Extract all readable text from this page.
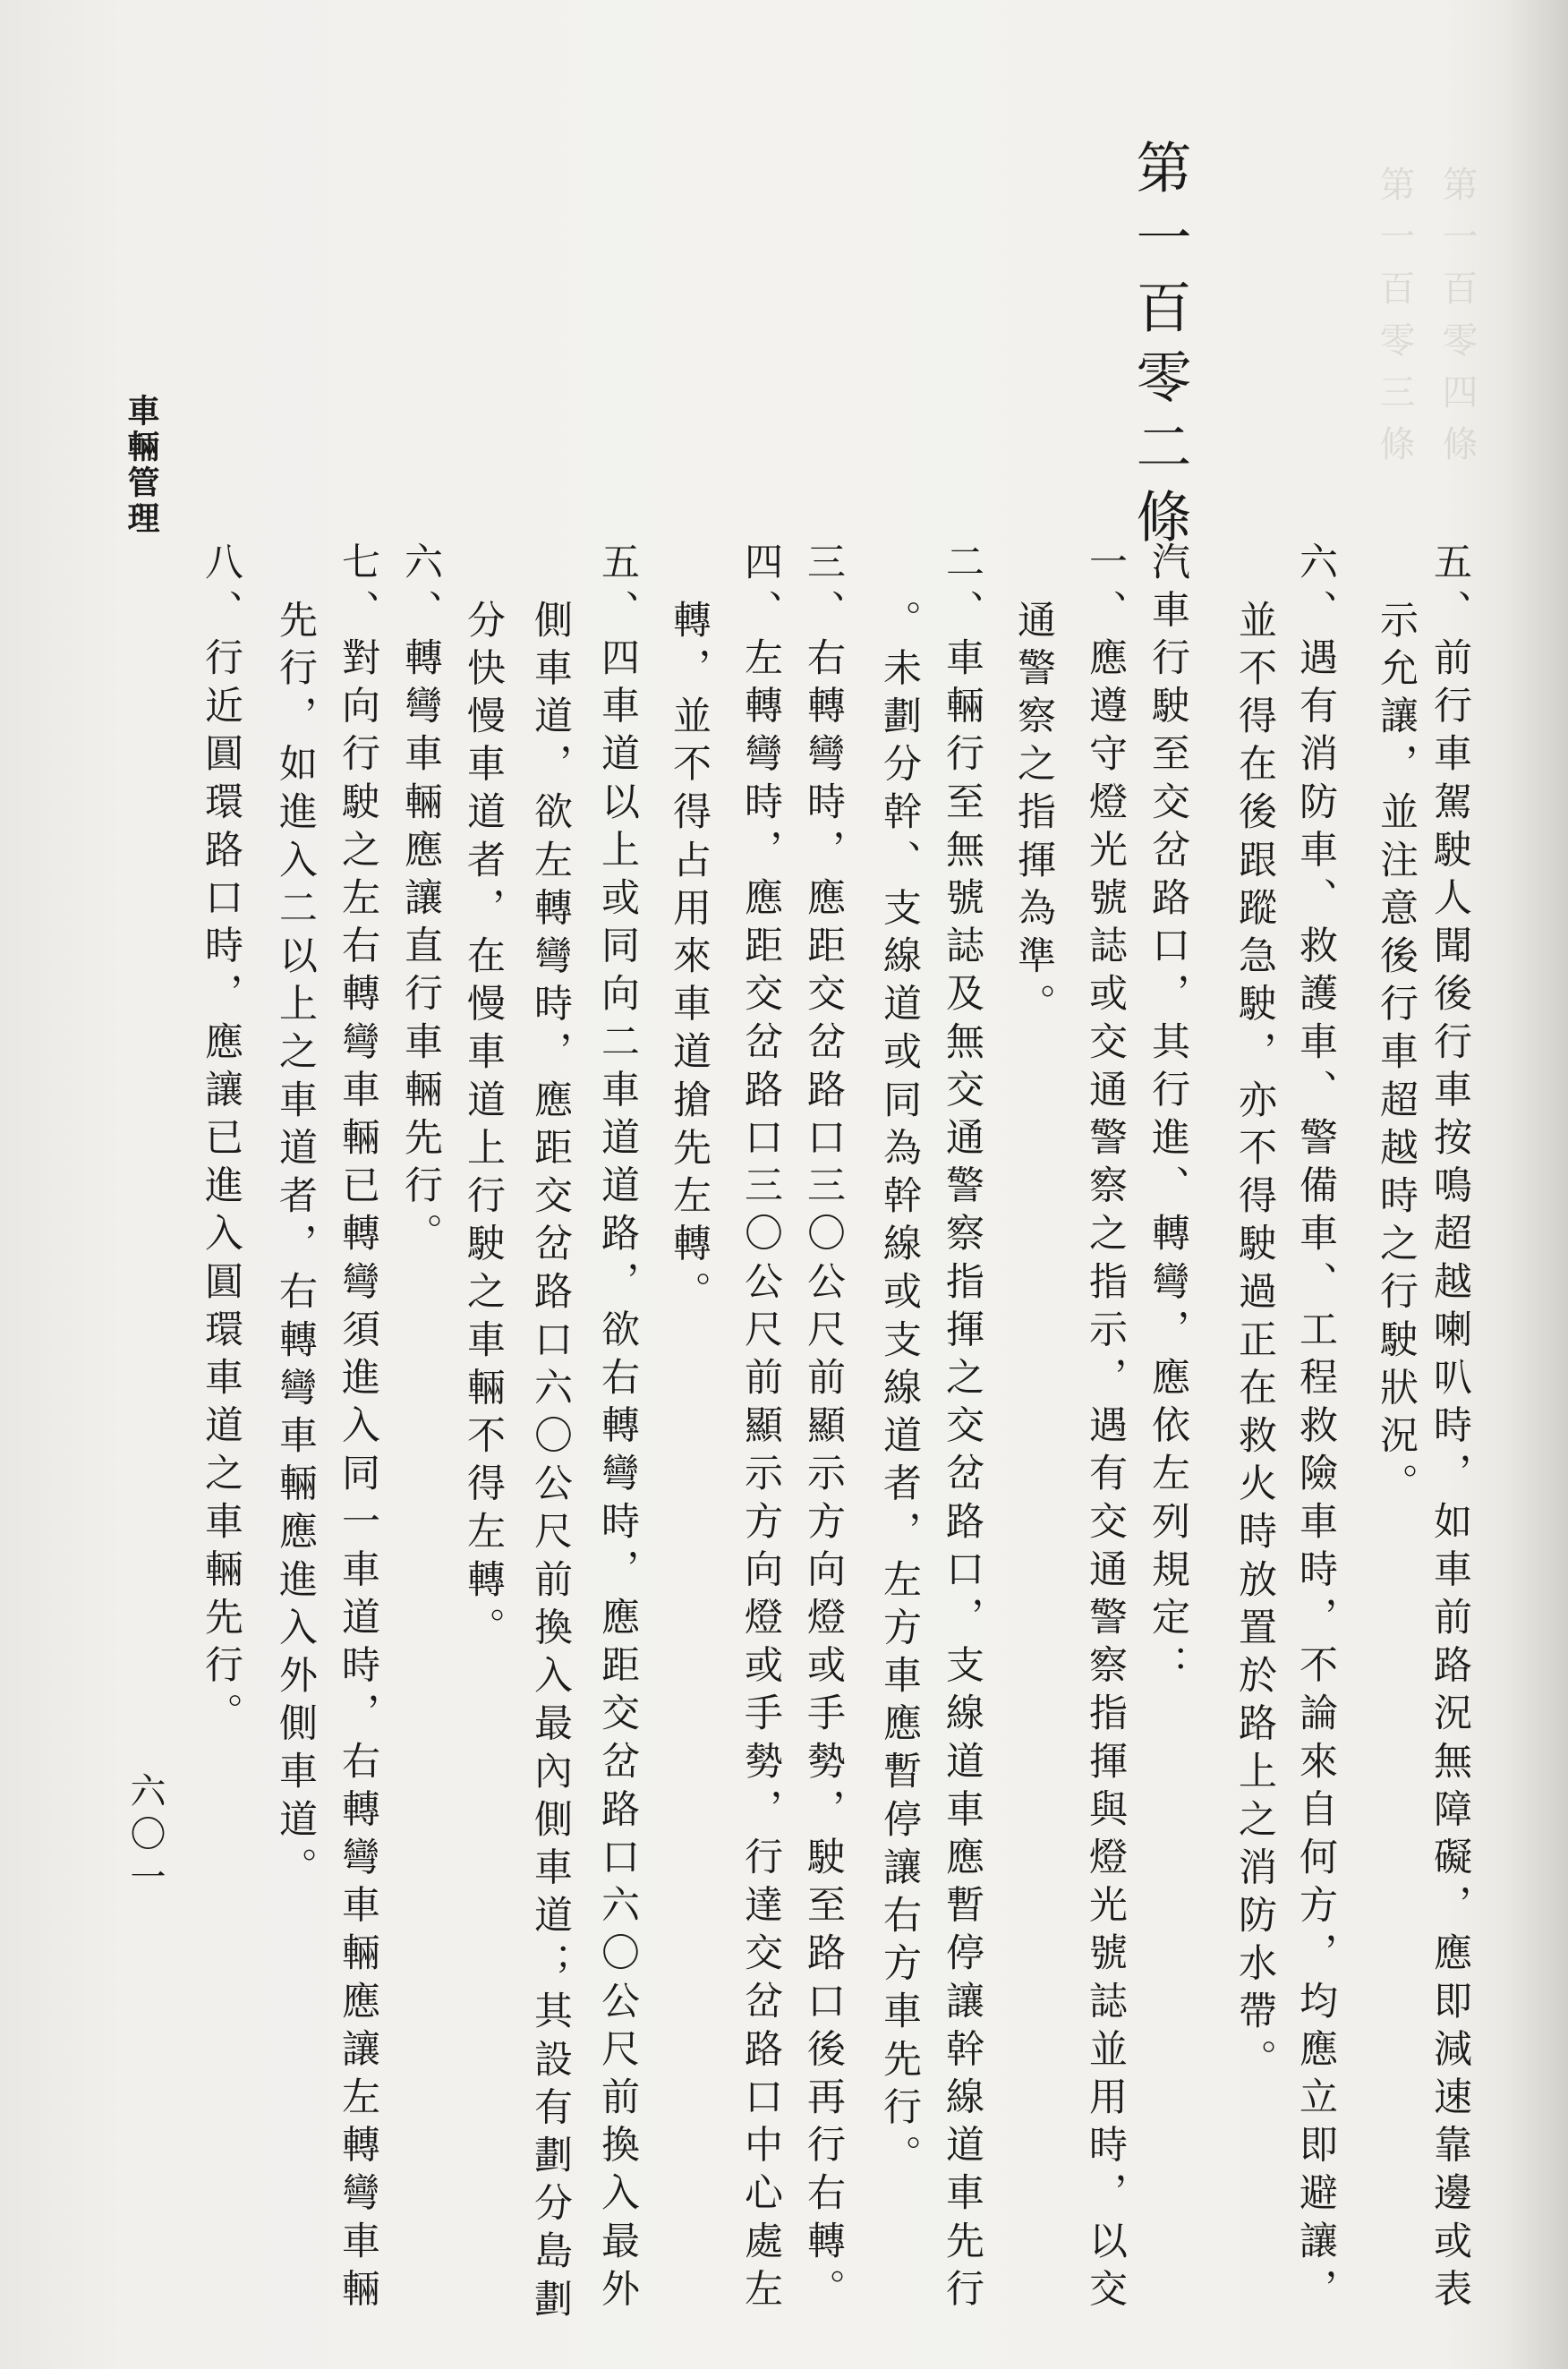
第一百零四條
第一百零三條
五、前行車駕駛人聞後行車按鳴超越喇叭時，如車前路況無障礙，應即減速靠邊或表
示允讓，並注意後行車超越時之行駛狀況。
六、遇有消防車、救護車、警備車、工程救險車時，不論來自何方，均應立即避讓，
並不得在後跟蹤急駛，亦不得駛過正在救火時放置於路上之消防水帶。
第一百零二條
汽車行駛至交岔路口，其行進、轉彎，應依左列規定：
一、應遵守燈光號誌或交通警察之指示，遇有交通警察指揮與燈光號誌並用時，以交
通警察之指揮為準。
二、車輛行至無號誌及無交通警察指揮之交岔路口，支線道車應暫停讓幹線道車先行
。未劃分幹、支線道或同為幹線或支線道者，左方車應暫停讓右方車先行。
三、右轉彎時，應距交岔路口三〇公尺前顯示方向燈或手勢，駛至路口後再行右轉。
四、左轉彎時，應距交岔路口三〇公尺前顯示方向燈或手勢，行達交岔路口中心處左
轉，並不得占用來車道搶先左轉。
五、四車道以上或同向二車道道路，欲右轉彎時，應距交岔路口六〇公尺前換入最外
側車道，欲左轉彎時，應距交岔路口六〇公尺前換入最內側車道；其設有劃分島劃
分快慢車道者，在慢車道上行駛之車輛不得左轉。
六、轉彎車輛應讓直行車輛先行。
七、對向行駛之左右轉彎車輛已轉彎須進入同一車道時，右轉彎車輛應讓左轉彎車輛
先行，如進入二以上之車道者，右轉彎車輛應進入外側車道。
八、行近圓環路口時，應讓已進入圓環車道之車輛先行。
車輛管理
六〇一
